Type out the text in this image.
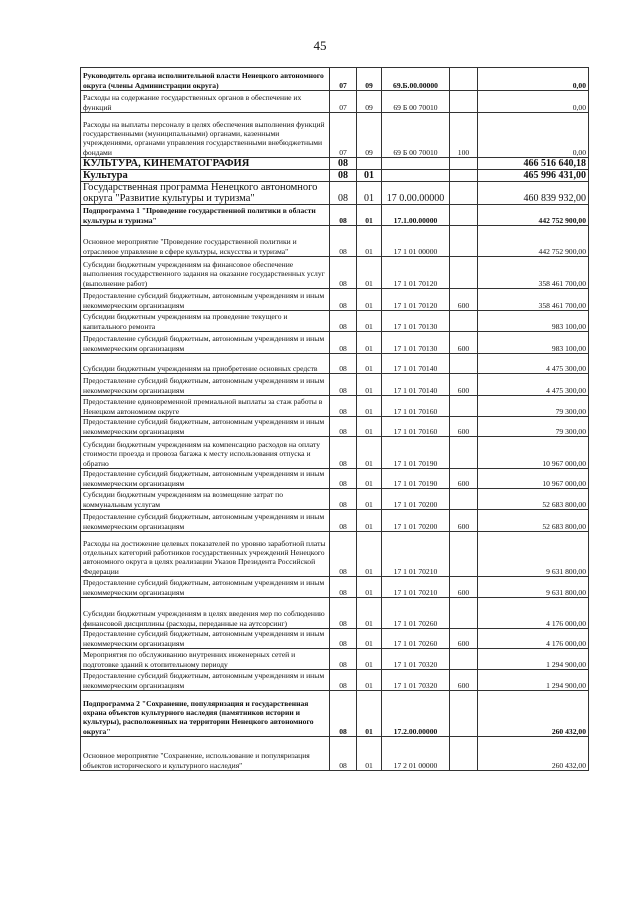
45
Руководитель органа исполнительной власти Ненецкого автономного округа (члены Администрации округа)	07	09	69.Б.00.00000		0,00
Расходы на содержание государственных органов в обеспечение их функций	07	09	69 Б 00 70010		0,00
Расходы на выплаты персоналу в целях обеспечения выполнения функций государственными (муниципальными) органами, казенными учреждениями, органами управления государственными внебюджетными фондами	07	09	69 Б 00 70010	100	0,00
КУЛЬТУРА, КИНЕМАТОГРАФИЯ	08				466 516 640,18
Культура	08	01			465 996 431,00
Государственная программа Ненецкого автономного округа "Развитие культуры и туризма"	08	01	17 0.00.00000		460 839 932,00
Подпрограмма 1 "Проведение государственной политики в области культуры и туризма"	08	01	17.1.00.00000		442 752 900,00
Основное мероприятие "Проведение государственной политики и отраслевое управление в сфере культуры, искусства и туризма"	08	01	17 1 01 00000		442 752 900,00
Субсидии бюджетным учреждениям на финансовое обеспечение выполнения государственного задания на оказание государственных услуг (выполнение работ)	08	01	17 1 01 70120		358 461 700,00
Предоставление субсидий бюджетным, автономным учреждениям и иным некоммерческим организациям	08	01	17 1 01 70120	600	358 461 700,00
Субсидии бюджетным учреждениям на проведение текущего и капитального ремонта	08	01	17 1 01 70130		983 100,00
Предоставление субсидий бюджетным, автономным учреждениям и иным некоммерческим организациям	08	01	17 1 01 70130	600	983 100,00
Субсидии бюджетным учреждениям на приобретение основных средств	08	01	17 1 01 70140		4 475 300,00
Предоставление субсидий бюджетным, автономным учреждениям и иным некоммерческим организациям	08	01	17 1 01 70140	600	4 475 300,00
Предоставление единовременной премиальной выплаты за стаж работы в Ненецком автономном округе	08	01	17 1 01 70160		79 300,00
Предоставление субсидий бюджетным, автономным учреждениям и иным некоммерческим организациям	08	01	17 1 01 70160	600	79 300,00
Субсидии бюджетным учреждениям на компенсацию расходов на оплату стоимости проезда и провоза багажа к месту использования отпуска и обратно	08	01	17 1 01 70190		10 967 000,00
Предоставление субсидий бюджетным, автономным учреждениям и иным некоммерческим организациям	08	01	17 1 01 70190	600	10 967 000,00
Субсидии бюджетным учреждениям на возмещение затрат по коммунальным услугам	08	01	17 1 01 70200		52 683 800,00
Предоставление субсидий бюджетным, автономным учреждениям и иным некоммерческим организациям	08	01	17 1 01 70200	600	52 683 800,00
Расходы на достижение целевых показателей по уровню заработной платы отдельных категорий работников государственных учреждений Ненецкого автономного округа в целях реализации Указов Президента Российской Федерации	08	01	17 1 01 70210		9 631 800,00
Предоставление субсидий бюджетным, автономным учреждениям и иным некоммерческим организациям	08	01	17 1 01 70210	600	9 631 800,00
Субсидии бюджетным учреждениям в целях введения мер по соблюдению финансовой дисциплины (расходы, переданные на аутсорсинг)	08	01	17 1 01 70260		4 176 000,00
Предоставление субсидий бюджетным, автономным учреждениям и иным некоммерческим организациям	08	01	17 1 01 70260	600	4 176 000,00
Мероприятия по обслуживанию внутренних инженерных сетей и подготовке зданий к отопительному периоду	08	01	17 1 01 70320		1 294 900,00
Предоставление субсидий бюджетным, автономным учреждениям и иным некоммерческим организациям	08	01	17 1 01 70320	600	1 294 900,00
Подпрограмма 2 "Сохранение, популяризация и государственная охрана объектов культурного наследия (памятников истории и культуры), расположенных на территории Ненецкого автономного округа"	08	01	17.2.00.00000		260 432,00
Основное мероприятие "Сохранение, использование и популяризация объектов исторического и культурного наследия"	08	01	17 2 01 00000		260 432,00
